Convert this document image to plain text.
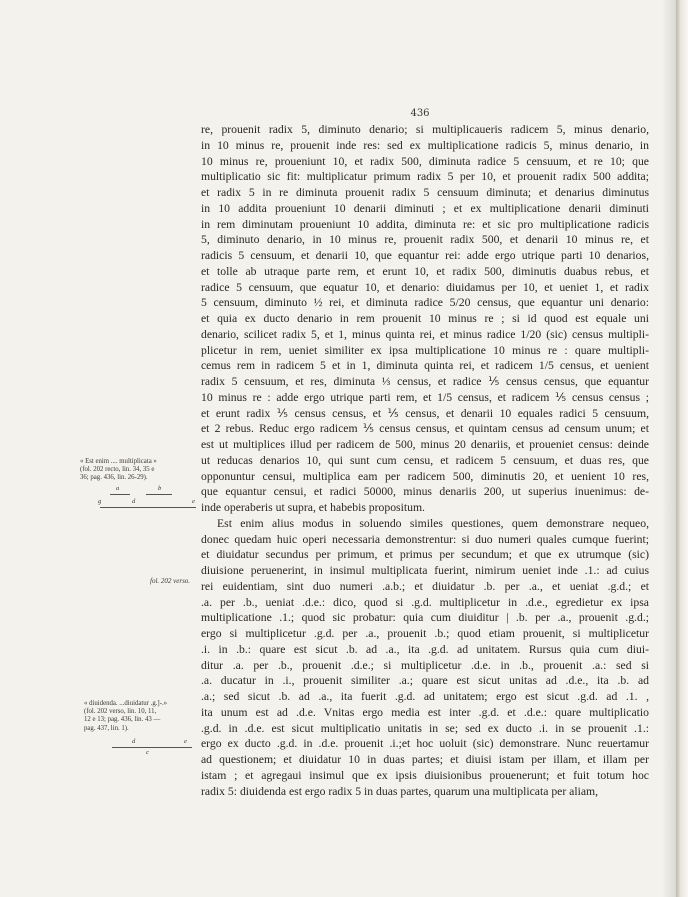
436
re, prouenit radix 5, diminuto denario; si multiplicaueris radicem 5, minus denario,
in 10 minus re, prouenit inde res: sed ex multiplicatione radicis 5, minus denario, in
10 minus re, proueniunt 10, et radix 500, diminuta radice 5 censuum, et re 10; que
multiplicatio sic fit: multiplicatur primum radix 5 per 10, et prouenit radix 500 addita;
et radix 5 in re diminuta prouenit radix 5 censuum diminuta; et denarius diminutus
in 10 addita proueniunt 10 denarii diminuti ; et ex multiplicatione denarii diminuti
in rem diminutam proueniunt 10 addita, diminuta re: et sic pro multiplicatione radicis
5, diminuto denario, in 10 minus re, prouenit radix 500, et denarii 10 minus re, et
radicis 5 censuum, et denarii 10, que equantur rei: adde ergo utrique parti 10 denarios,
et tolle ab utraque parte rem, et erunt 10, et radix 500, diminutis duabus rebus, et
radice 5 censuum, que equatur 10, et denario: diuidamus per 10, et ueniet 1, et radix
5 censuum, diminuto ½ rei, et diminuta radice 5/20 census, que equantur uni denario:
et quia ex ducto denario in rem prouenit 10 minus re ; si id quod est equale uni
denario, scilicet radix 5, et 1, minus quinta rei, et minus radice 1/20 (sic) census multipli-
plicetur in rem, ueniet similiter ex ipsa multiplicatione 10 minus re : quare multipli-
cemus rem in radicem 5 et in 1, diminuta quinta rei, et radicem 1/5 census, et uenient
radix 5 censuum, et res, diminuta ⅓ census, et radice ⅕ census census, que equantur
10 minus re : adde ergo utrique parti rem, et 1/5 census, et radicem ⅕ census census ;
et erunt radix ⅕ census census, et ⅕ census, et denarii 10 equales radici 5 censuum,
et 2 rebus. Reduc ergo radicem ⅕ census census, et quintam census ad censum unum; et
est ut multiplices illud per radicem de 500, minus 20 denariis, et proueniet census: deinde
ut reducas denarios 10, qui sunt cum censu, et radicem 5 censuum, et duas res, que
opponuntur censui, multiplica eam per radicem 500, diminutis 20, et uenient 10 res,
que equantur censui, et radici 50000, minus denariis 200, ut superius inuenimus: de-
inde operaberis ut supra, et habebis propositum.
Est enim alius modus in soluendo similes questiones, quem demonstrare nequeo,
donec quedam huic operi necessaria demonstrentur: si duo numeri quales cumque fuerint;
et diuidatur secundus per primum, et primus per secundum; et que ex utrumque (sic)
diuisione peruenerint, in insimul multiplicata fuerint, nimirum ueniet inde .1.: ad cuius
rei euidentiam, sint duo numeri .a.b.; et diuidatur .b. per .a., et ueniat .g.d.; et
.a. per .b., ueniat .d.e.: dico, quod si .g.d. multiplicetur in .d.e., egredietur ex ipsa
multiplicatione .1.; quod sic probatur: quia cum diuiditur | .b. per .a., prouenit .g.d.;
ergo si multiplicetur .g.d. per .a., prouenit .b.; quod etiam prouenit, si multiplicetur
.i. in .b.: quare est sicut .b. ad .a., ita .g.d. ad unitatem. Rursus quia cum diui-
ditur .a. per .b., prouenit .d.e.; si multiplicetur .d.e. in .b., prouenit .a.: sed si
.a. ducatur in .i., prouenit similiter .a.; quare est sicut unitas ad .d.e., ita .b. ad
.a.; sed sicut .b. ad .a., ita fuerit .g.d. ad unitatem; ergo est sicut .g.d. ad .1. ,
ita unum est ad .d.e. Vnitas ergo media est inter .g.d. et .d.e.: quare multiplicatio
.g.d. in .d.e. est sicut multiplicatio unitatis in se; sed ex ducto .i. in se prouenit .1.:
ergo ex ducto .g.d. in .d.e. prouenit .i.;et hoc uoluit (sic) demonstrare. Nunc reuertamur
ad questionem; et diuidatur 10 in duas partes; et diuisi istam per illam, et illam per
istam ; et agregaui insimul que ex ipsis diuisionibus prouenerunt; et fuit totum hoc
radix 5: diuidenda est ergo radix 5 in duas partes, quarum una multiplicata per aliam,
« Est enim .... multiplicata »
(fol. 202 recto, lin. 34, 35 e
36; pag. 436, lin. 26-29).
a	b
g	d	e
fol. 202 verso.
« diuidenda. ...diuidatur .g.]-.»
(fol. 202 verso, lin. 10, 11,
12 e 13; pag. 436, lin. 43 —
pag. 437, lin. 1).
d	e
c
